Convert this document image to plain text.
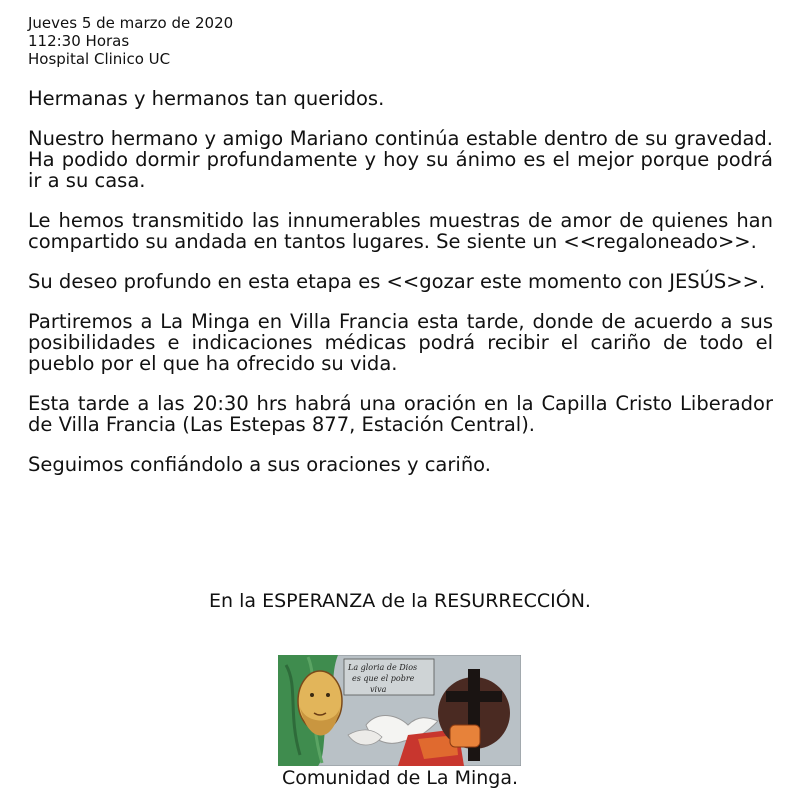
Jueves 5 de marzo de 2020
112:30 Horas
Hospital Clinico UC

Hermanas y hermanos tan queridos.

Nuestro hermano y amigo Mariano continúa estable dentro de su gravedad. Ha podido dormir profundamente y hoy su ánimo es el mejor porque podrá ir a su casa.

Le hemos transmitido las innumerables muestras de amor de quienes han compartido su andada en tantos lugares. Se siente un <<regaloneado>>.

Su deseo profundo en esta etapa es <<gozar este momento con JESÚS>>.

Partiremos a La Minga en Villa Francia esta tarde, donde de acuerdo a sus posibilidades e indicaciones médicas podrá recibir el cariño de todo el pueblo por el que ha ofrecido su vida.

Esta tarde a las 20:30 hrs habrá una oración en la Capilla Cristo Liberador de Villa Francia (Las Estepas 877, Estación Central).

Seguimos confiándolo a sus oraciones y cariño.

En la ESPERANZA de la RESURRECCIÓN.
La gloria de Dios
es que el pobre
viva
Comunidad de La Minga.
